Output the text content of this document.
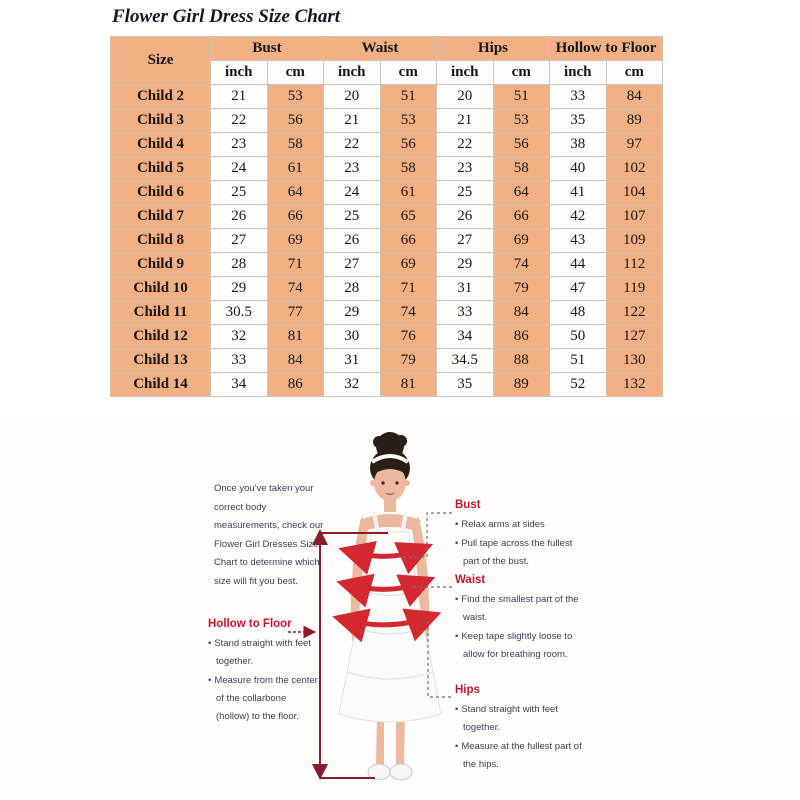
Flower Girl Dress Size Chart
Size	Bust		Waist		Hips		Hollow to Floor	
	inch	cm	inch	cm	inch	cm	inch	cm
Child 2	21	53	20	51	20	51	33	84
Child 3	22	56	21	53	21	53	35	89
Child 4	23	58	22	56	22	56	38	97
Child 5	24	61	23	58	23	58	40	102
Child 6	25	64	24	61	25	64	41	104
Child 7	26	66	25	65	26	66	42	107
Child 8	27	69	26	66	27	69	43	109
Child 9	28	71	27	69	29	74	44	112
Child 10	29	74	28	71	31	79	47	119
Child 11	30.5	77	29	74	33	84	48	122
Child 12	32	81	30	76	34	86	50	127
Child 13	33	84	31	79	34.5	88	51	130
Child 14	34	86	32	81	35	89	52	132
Once you've taken your correct body measurements, check our Flower Girl Dresses Size Chart to determine which size will fit you best.
Hollow to Floor
• Stand straight with feet together.
• Measure from the center of the collarbone (hollow) to the floor.
Bust
• Relax arms at sides
• Pull tape across the fullest part of the bust.
Waist
• Find the smallest part of the waist.
• Keep tape slightly loose to allow for breathing room.
Hips
• Stand straight with feet together.
• Measure at the fullest part of the hips.
